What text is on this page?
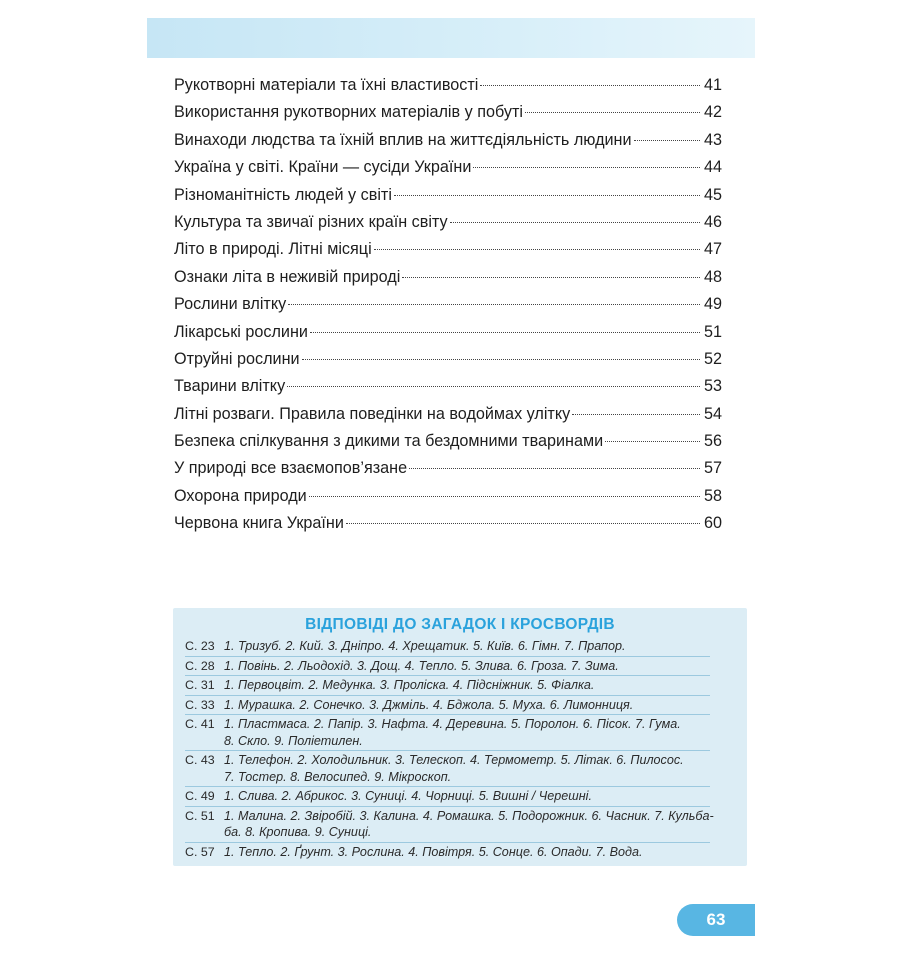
Рукотворні матеріали та їхні властивості	41
Використання рукотворних матеріалів у побуті	42
Винаходи людства та їхній вплив на життєдіяльність людини	43
Україна у світі. Країни — сусіди України	44
Різноманітність людей у світі	45
Культура та звичаї різних країн світу	46
Літо в природі. Літні місяці	47
Ознаки літа в неживій природі	48
Рослини влітку	49
Лікарські рослини	51
Отруйні рослини	52
Тварини влітку	53
Літні розваги. Правила поведінки на водоймах улітку	54
Безпека спілкування з дикими та бездомними тваринами	56
У природі все взаємопов’язане	57
Охорона природи	58
Червона книга України	60
ВІДПОВІДІ ДО ЗАГАДОК І КРОСВОРДІВ
С. 23 1. Тризуб. 2. Кий. 3. Дніпро. 4. Хрещатик. 5. Київ. 6. Гімн. 7. Прапор.
С. 28 1. Повінь. 2. Льодохід. 3. Дощ. 4. Тепло. 5. Злива. 6. Гроза. 7. Зима.
С. 31 1. Первоцвіт. 2. Медунка. 3. Проліска. 4. Підсніжник. 5. Фіалка.
С. 33 1. Мурашка. 2. Сонечко. 3. Джміль. 4. Бджола. 5. Муха. 6. Лимонниця.
С. 41 1. Пластмаса. 2. Папір. 3. Нафта. 4. Деревина. 5. Поролон. 6. Пісок. 7. Гума.
8. Скло. 9. Поліетилен.
С. 43 1. Телефон. 2. Холодильник. 3. Телескоп. 4. Термометр. 5. Літак. 6. Пилосос.
7. Тостер. 8. Велосипед. 9. Мікроскоп.
С. 49 1. Слива. 2. Абрикос. 3. Суниці. 4. Чорниці. 5. Вишні / Черешні.
С. 51 1. Малина. 2. Звіробій. 3. Калина. 4. Ромашка. 5. Подорожник. 6. Часник. 7. Кульба-
ба. 8. Кропива. 9. Суниці.
С. 57 1. Тепло. 2. Ґрунт. 3. Рослина. 4. Повітря. 5. Сонце. 6. Опади. 7. Вода.
63
